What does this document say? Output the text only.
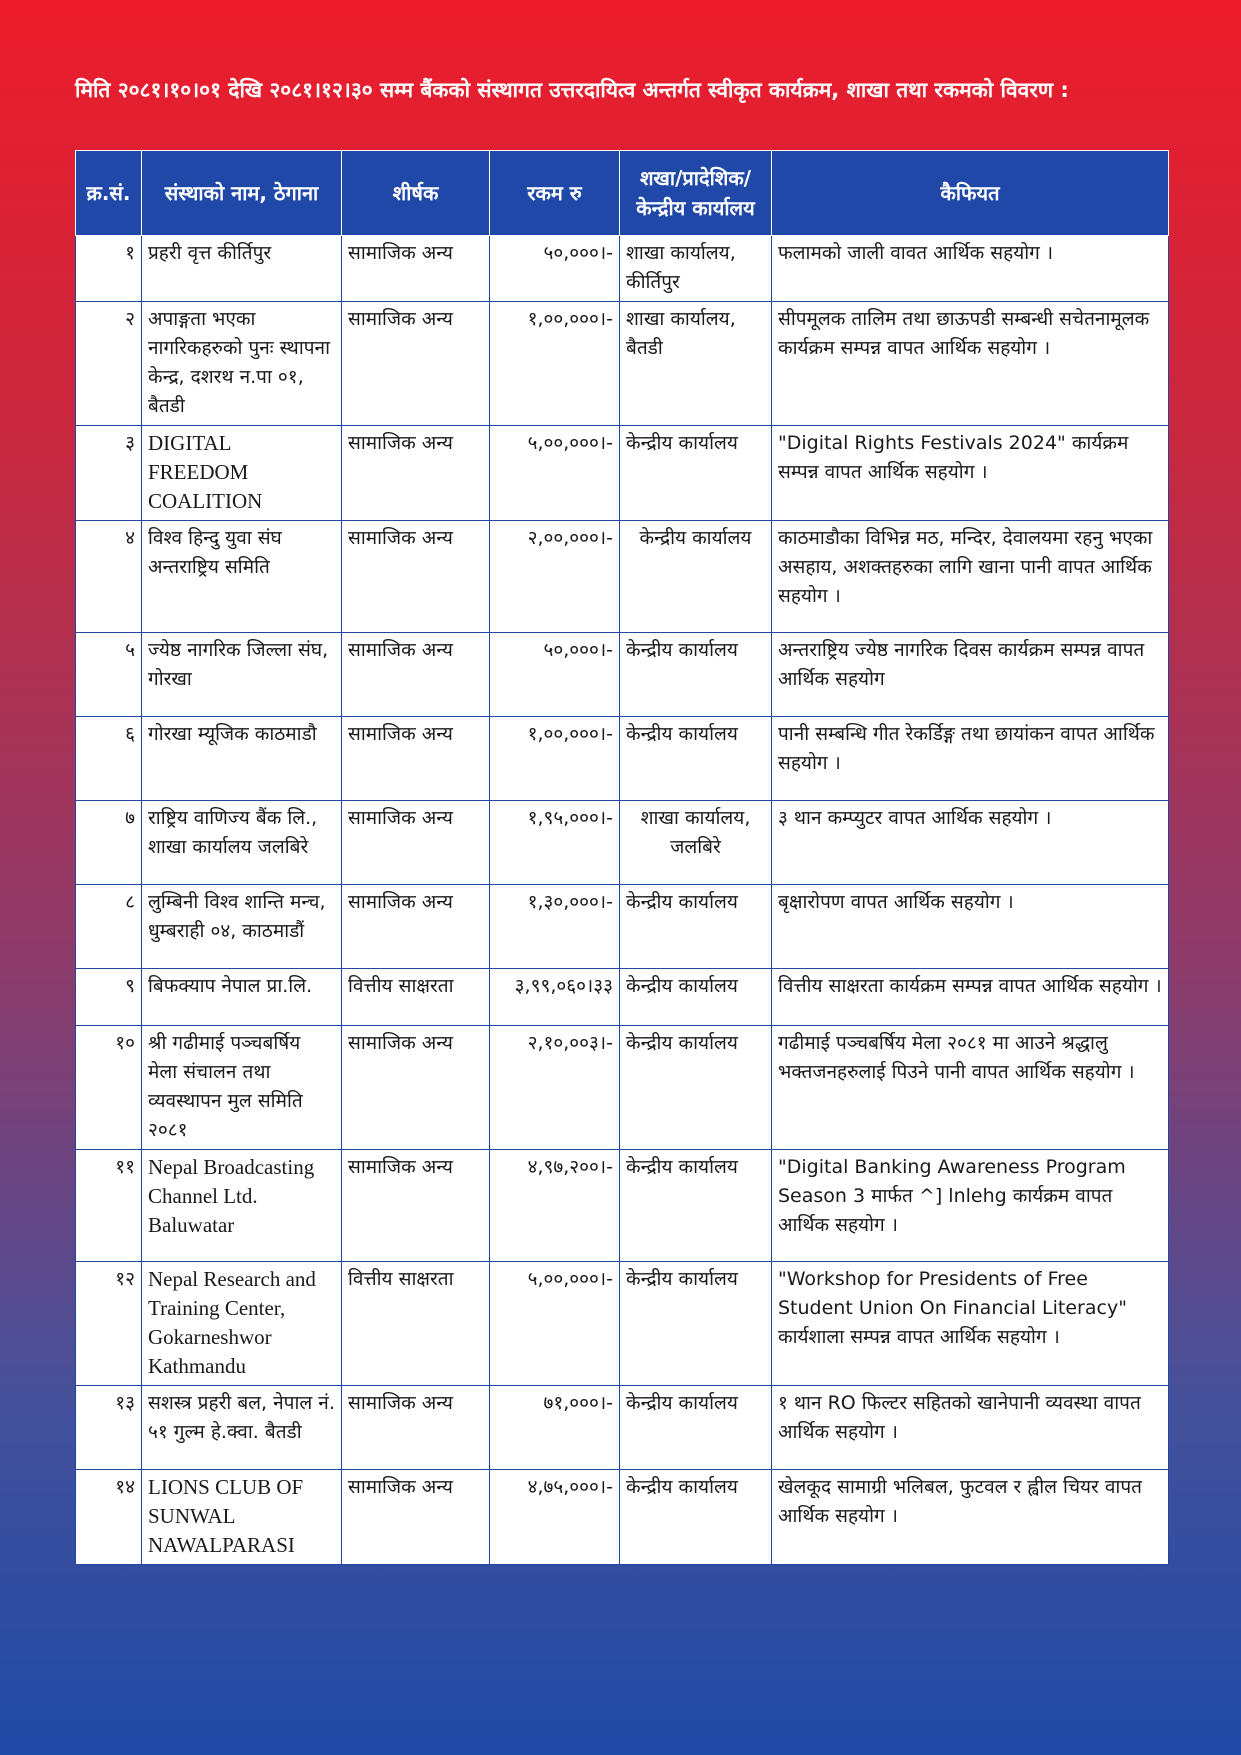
मिति २०८१।१०।०१ देखि २०८१।१२।३० सम्म बैंकको संस्थागत उत्तरदायित्व अन्तर्गत स्वीकृत कार्यक्रम, शाखा तथा रकमको विवरण :
क्र.सं.	संस्थाको नाम, ठेगाना	शीर्षक	रकम रु	शखा/प्रादेशिक/ केन्द्रीय कार्यालय	कैफियत
१	प्रहरी वृत्त कीर्तिपुर	सामाजिक अन्य	५०,०००।-	शाखा कार्यालय, कीर्तिपुर	फलामको जाली वावत आर्थिक सहयोग ।
२	अपाङ्गता भएका नागरिकहरुको पुनः स्थापना केन्द्र, दशरथ न.पा ०१, बैतडी	सामाजिक अन्य	१,००,०००।-	शाखा कार्यालय, बैतडी	सीपमूलक तालिम तथा छाऊपडी सम्बन्धी सचेतनामूलक कार्यक्रम सम्पन्न वापत आर्थिक सहयोग ।
३	DIGITAL FREEDOM COALITION	सामाजिक अन्य	५,००,०००।-	केन्द्रीय कार्यालय	"Digital Rights Festivals 2024" कार्यक्रम सम्पन्न वापत आर्थिक सहयोग ।
४	विश्व हिन्दु युवा संघ अन्तराष्ट्रिय समिति	सामाजिक अन्य	२,००,०००।-	केन्द्रीय कार्यालय	काठमाडौका विभिन्न मठ, मन्दिर, देवालयमा रहनु भएका असहाय, अशक्तहरुका लागि खाना पानी वापत आर्थिक सहयोग ।
५	ज्येष्ठ नागरिक जिल्ला संघ, गोरखा	सामाजिक अन्य	५०,०००।-	केन्द्रीय कार्यालय	अन्तराष्ट्रिय ज्येष्ठ नागरिक दिवस कार्यक्रम सम्पन्न वापत आर्थिक सहयोग
६	गोरखा म्यूजिक काठमाडौ	सामाजिक अन्य	१,००,०००।-	केन्द्रीय कार्यालय	पानी सम्बन्धि गीत रेकर्डिङ्ग तथा छायांकन वापत आर्थिक सहयोग ।
७	राष्ट्रिय वाणिज्य बैंक लि., शाखा कार्यालय जलबिरे	सामाजिक अन्य	१,९५,०००।-	शाखा कार्यालय, जलबिरे	३ थान कम्प्युटर वापत आर्थिक सहयोग ।
८	लुम्बिनी विश्व शान्ति मन्च, धुम्बराही ०४, काठमाडौं	सामाजिक अन्य	१,३०,०००।-	केन्द्रीय कार्यालय	बृक्षारोपण वापत आर्थिक सहयोग ।
९	बिफक्याप नेपाल प्रा.लि.	वित्तीय साक्षरता	३,९९,०६०।३३	केन्द्रीय कार्यालय	वित्तीय साक्षरता कार्यक्रम सम्पन्न वापत आर्थिक सहयोग ।
१०	श्री गढीमाई पञ्चबर्षिय मेला संचालन तथा व्यवस्थापन मुल समिति २०८१	सामाजिक अन्य	२,१०,००३।-	केन्द्रीय कार्यालय	गढीमाई पञ्चबर्षिय मेला २०८१ मा आउने श्रद्धालु भक्तजनहरुलाई पिउने पानी वापत आर्थिक सहयोग ।
११	Nepal Broadcasting Channel Ltd. Baluwatar	सामाजिक अन्य	४,९७,२००।-	केन्द्रीय कार्यालय	"Digital Banking Awareness Program Season 3 मार्फत ^] lnlehg कार्यक्रम वापत आर्थिक सहयोग ।
१२	Nepal Research and Training Center, Gokarneshwor Kathmandu	वित्तीय साक्षरता	५,००,०००।-	केन्द्रीय कार्यालय	"Workshop for Presidents of Free Student Union On Financial Literacy" कार्यशाला सम्पन्न वापत आर्थिक सहयोग ।
१३	सशस्त्र प्रहरी बल, नेपाल नं. ५१ गुल्म हे.क्वा. बैतडी	सामाजिक अन्य	७१,०००।-	केन्द्रीय कार्यालय	१ थान RO फिल्टर सहितको खानेपानी व्यवस्था वापत आर्थिक सहयोग ।
१४	LIONS CLUB OF SUNWAL NAWALPARASI	सामाजिक अन्य	४,७५,०००।-	केन्द्रीय कार्यालय	खेलकूद सामाग्री भलिबल, फुटवल र ह्वील चियर वापत आर्थिक सहयोग ।
